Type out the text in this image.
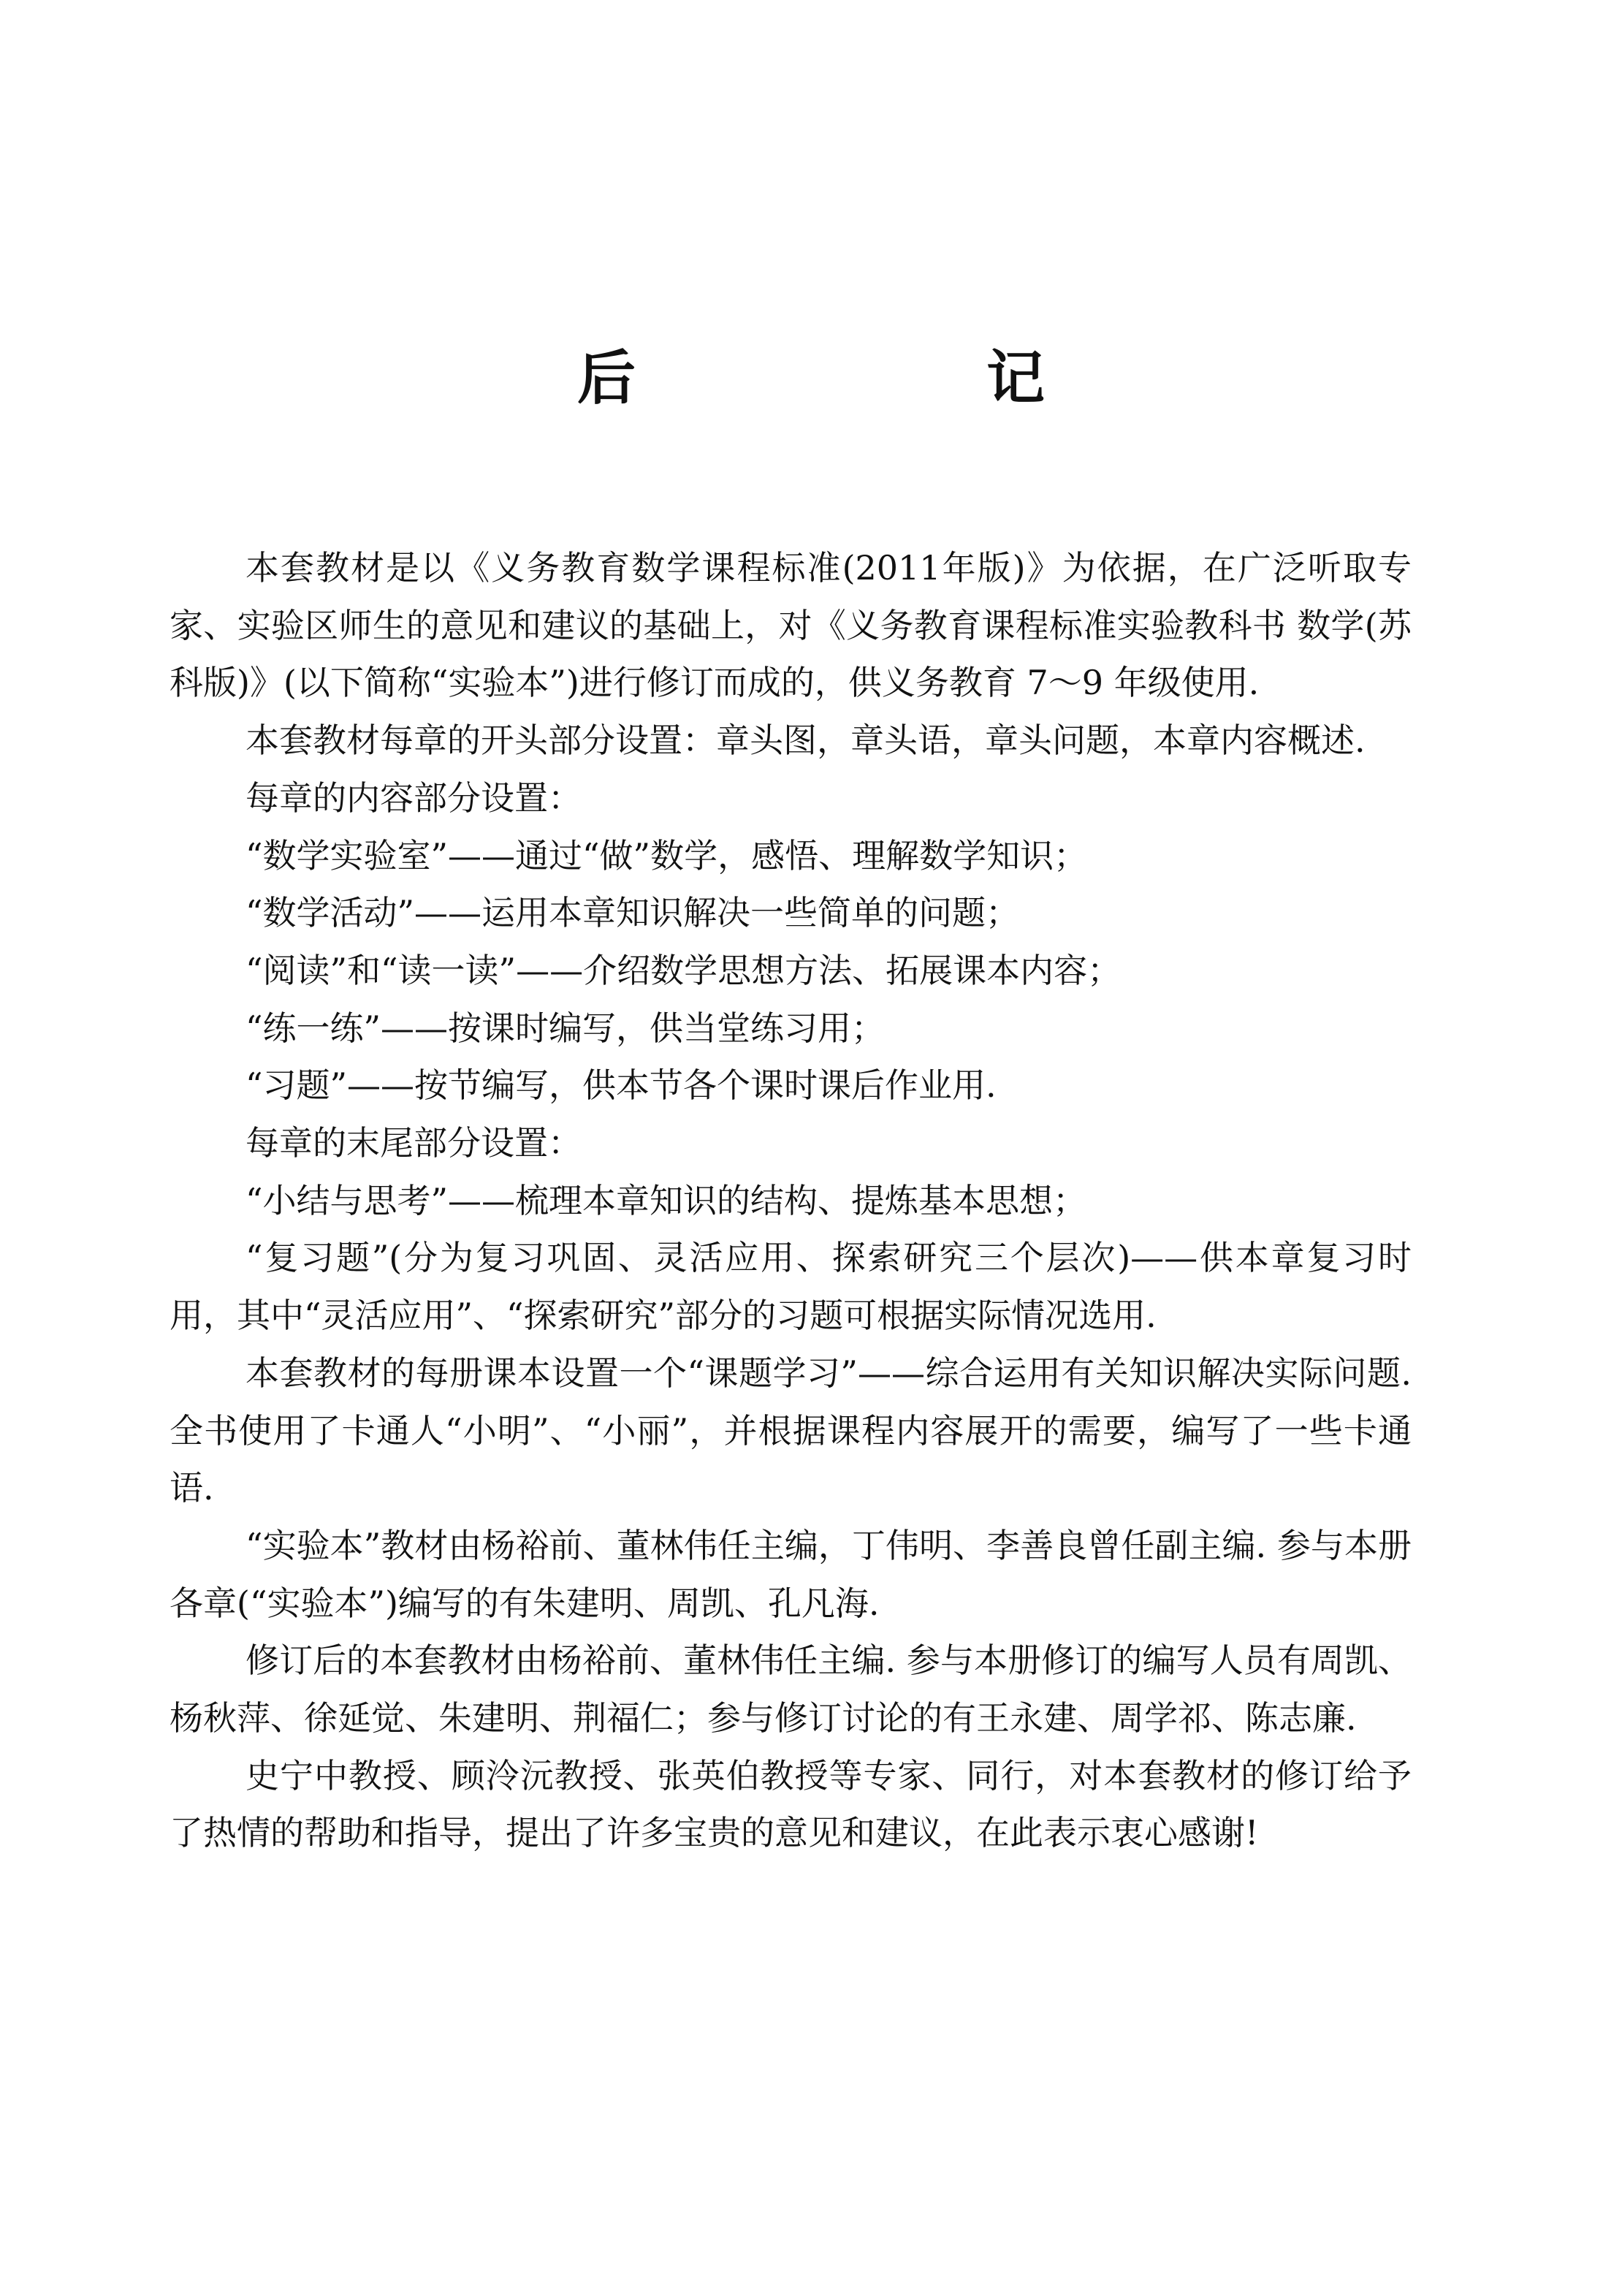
后　记

本套教材是以《义务教育数学课程标准(2011年版)》为依据，在广泛听取专家、实验区师生的意见和建议的基础上，对《义务教育课程标准实验教科书 数学(苏科版)》(以下简称“实验本”)进行修订而成的，供义务教育 7～9 年级使用.

本套教材每章的开头部分设置：章头图，章头语，章头问题，本章内容概述.

每章的内容部分设置：

“数学实验室”——通过“做”数学，感悟、理解数学知识；

“数学活动”——运用本章知识解决一些简单的问题；

“阅读”和“读一读”——介绍数学思想方法、拓展课本内容；

“练一练”——按课时编写，供当堂练习用；

“习题”——按节编写，供本节各个课时课后作业用.

每章的末尾部分设置：

“小结与思考”——梳理本章知识的结构、提炼基本思想；

“复习题”(分为复习巩固、灵活应用、探索研究三个层次)——供本章复习时用，其中“灵活应用”、“探索研究”部分的习题可根据实际情况选用.

本套教材的每册课本设置一个“课题学习”——综合运用有关知识解决实际问题. 全书使用了卡通人“小明”、“小丽”，并根据课程内容展开的需要，编写了一些卡通语.

“实验本”教材由杨裕前、董林伟任主编，丁伟明、李善良曾任副主编. 参与本册各章(“实验本”)编写的有朱建明、周凯、孔凡海.

修订后的本套教材由杨裕前、董林伟任主编. 参与本册修订的编写人员有周凯、杨秋萍、徐延觉、朱建明、荆福仁；参与修订讨论的有王永建、周学祁、陈志廉.

史宁中教授、顾泠沅教授、张英伯教授等专家、同行，对本套教材的修订给予了热情的帮助和指导，提出了许多宝贵的意见和建议，在此表示衷心感谢!
